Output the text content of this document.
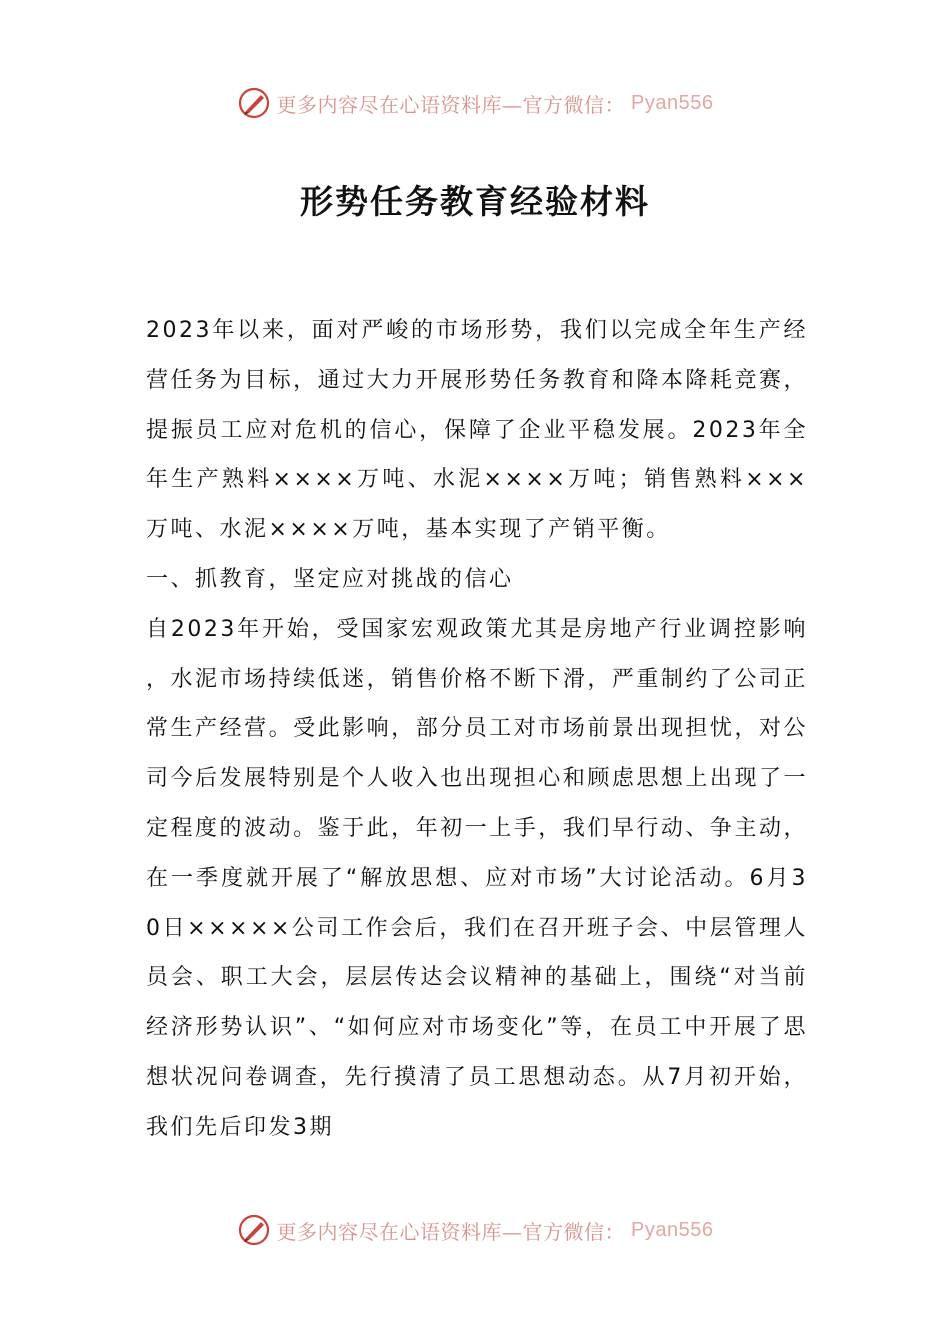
更多内容尽在心语资料库—官方微信： Pyan556
形势任务教育经验材料

2023年以来，面对严峻的市场形势，我们以完成全年生产经营任务为目标，通过大力开展形势任务教育和降本降耗竞赛，提振员工应对危机的信心，保障了企业平稳发展。2023年全年生产熟料××××万吨、水泥××××万吨；销售熟料×××万吨、水泥××××万吨，基本实现了产销平衡。

一、抓教育，坚定应对挑战的信心

自2023年开始，受国家宏观政策尤其是房地产行业调控影响，水泥市场持续低迷，销售价格不断下滑，严重制约了公司正常生产经营。受此影响，部分员工对市场前景出现担忧，对公司今后发展特别是个人收入也出现担心和顾虑思想上出现了一定程度的波动。鉴于此，年初一上手，我们早行动、争主动，在一季度就开展了“解放思想、应对市场”大讨论活动。6月30日×××××公司工作会后，我们在召开班子会、中层管理人员会、职工大会，层层传达会议精神的基础上，围绕“对当前经济形势认识”、“如何应对市场变化”等，在员工中开展了思想状况问卷调查，先行摸清了员工思想动态。从7月初开始，我们先后印发3期

更多内容尽在心语资料库—官方微信： Pyan556
